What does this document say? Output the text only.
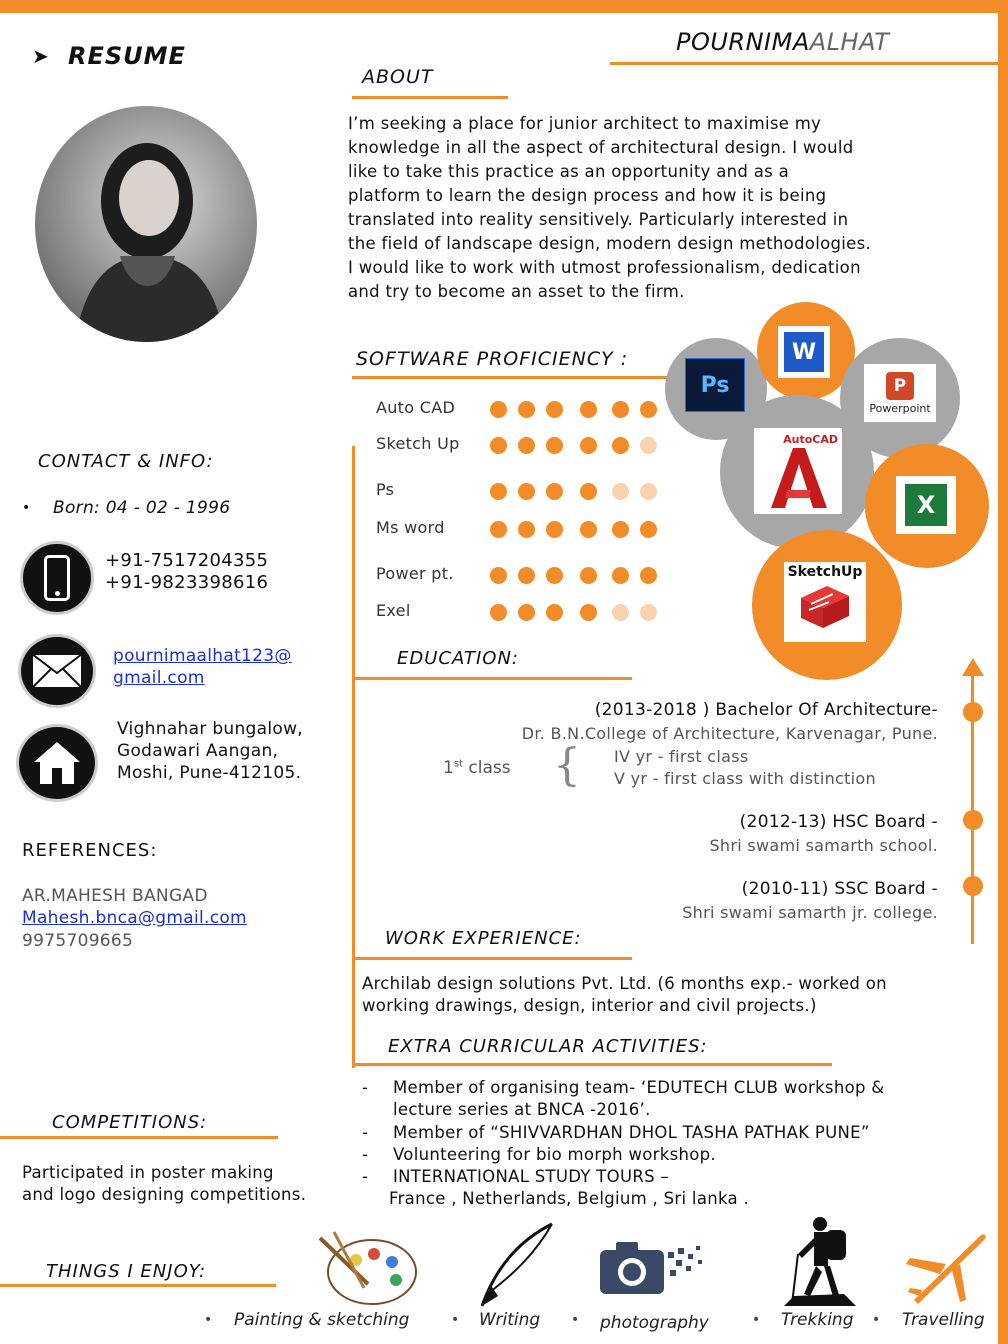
➤ RESUME	POURNIMAALHAT
ABOUT
I’m seeking a place for junior architect to maximise my
knowledge in all the aspect of architectural design. I would
like to take this practice as an opportunity and as a
platform to learn the design process and how it is being
translated into reality sensitively. Particularly interested in
the field of landscape design, modern design methodologies.
I would like to work with utmost professionalism, dedication
and try to become an asset to the firm.
SOFTWARE PROFICIENCY :
Auto CAD
Sketch Up
Ps
Ms word
Power pt.
Exel
Ps
W
P
Powerpoint
AutoCAD
X
SketchUp
CONTACT & INFO:
• Born: 04 - 02 - 1996
+91-7517204355
+91-9823398616
pournimaalhat123@
gmail.com
Vighnahar bungalow,
Godawari Aangan,
Moshi, Pune-412105.
REFERENCES:
AR.MAHESH BANGAD
Mahesh.bnca@gmail.com
9975709665
EDUCATION:
(2013-2018 ) Bachelor Of Architecture-
Dr. B.N.College of Architecture, Karvenagar, Pune.
1st class { IV yr - first class
V yr - first class with distinction
(2012-13) HSC Board -
Shri swami samarth school.
(2010-11) SSC Board -
Shri swami samarth jr. college.
WORK EXPERIENCE:
Archilab design solutions Pvt. Ltd. (6 months exp.- worked on
working drawings, design, interior and civil projects.)
EXTRA CURRICULAR ACTIVITIES:
- Member of organising team- ‘EDUTECH CLUB workshop &
lecture series at BNCA -2016’.
- Member of “SHIVVARDHAN DHOL TASHA PATHAK PUNE”
- Volunteering for bio morph workshop.
- INTERNATIONAL STUDY TOURS –
France , Netherlands, Belgium , Sri lanka .
COMPETITIONS:
Participated in poster making
and logo designing competitions.
THINGS I ENJOY:
• Painting & sketching	• Writing • photography	• Trekking • Travelling
